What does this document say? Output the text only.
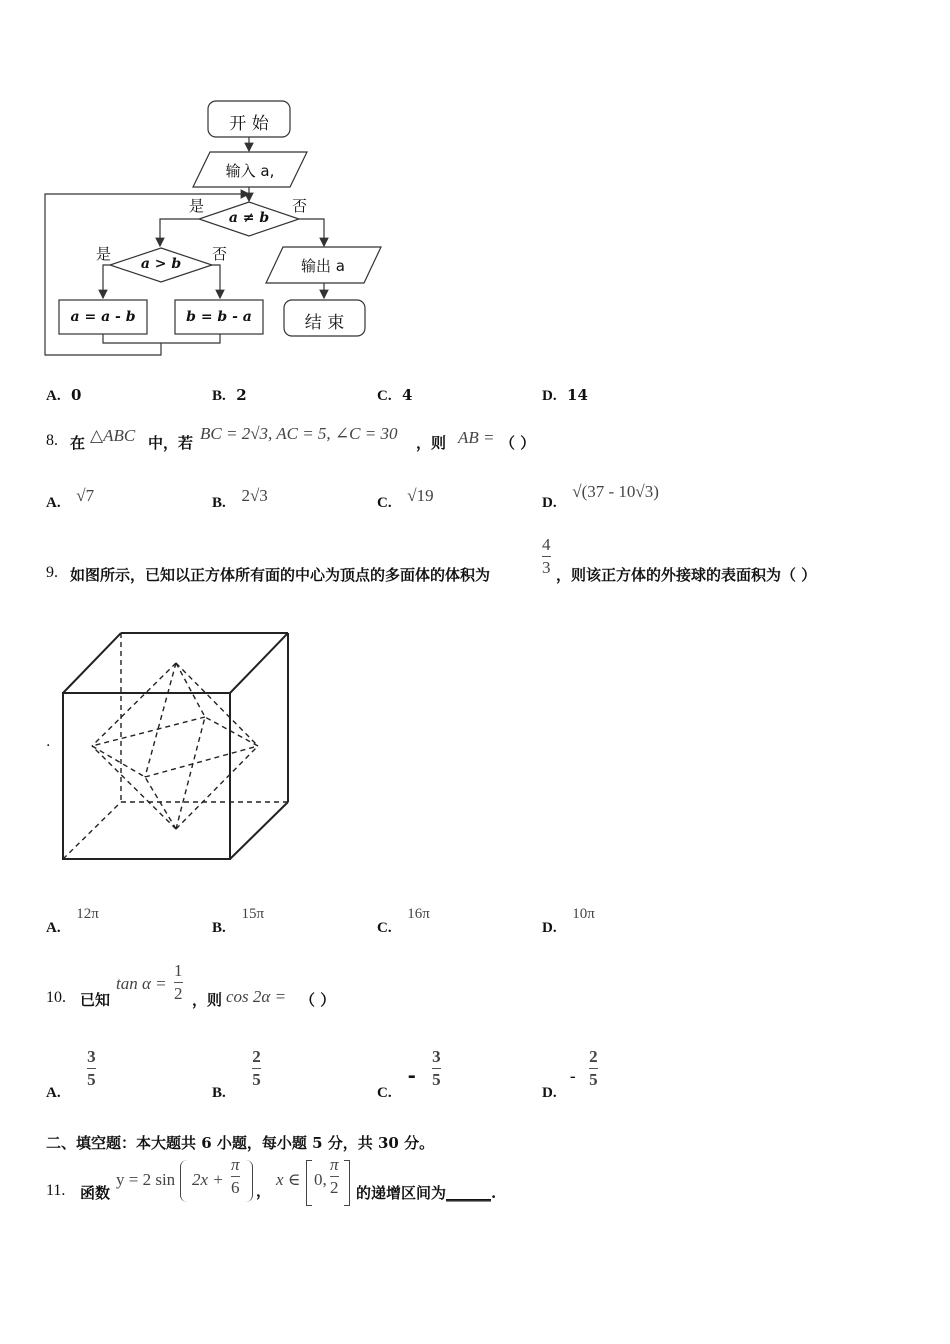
开 始
输入 a,
a ≠ b
是	否
a > b
是	否
a = a - b	b = b - a
输出 a
结 束
A. 0	B. 2	C. 4	D. 14
8. 在 △ABC 中，若 BC = 2√3, AC = 5, ∠C = 30 ，则 AB = （ ）
A. √7	B. 2√3	C. √19	D.   √(37 - 10√3)
9. 如图所示，已知以正方体所有面的中心为顶点的多面体的体积为
4
3 ，则该正方体的外接球的表面积为（ ）
.
A.   12π
B.   15π
C.   16π
D.   10π
10. 已知
tan α =
1
2 ，则 cos 2α = （ ）
A.
$\frac{3}{5}$
B.
$\frac{2}{5}$
C. - $\frac{3}{5}$
D. - $\frac{2}{5}$
二、填空题：本大题共 6 小题，每小题 5 分，共 30 分。
11. 函数
y = 2 sin 2x +
π
6 ，
x ∈ 0,
π
2 的递增区间为______.
